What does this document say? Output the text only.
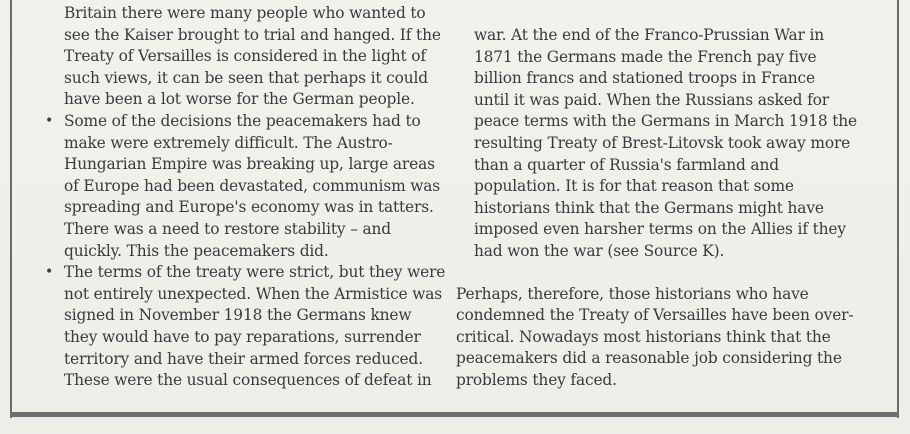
Britain there were many people who wanted to
see the Kaiser brought to trial and hanged. If the
Treaty of Versailles is considered in the light of
such views, it can be seen that perhaps it could
have been a lot worse for the German people.

• Some of the decisions the peacemakers had to
make were extremely difficult. The Austro-
Hungarian Empire was breaking up, large areas
of Europe had been devastated, communism was
spreading and Europe's economy was in tatters.
There was a need to restore stability – and
quickly. This the peacemakers did.
• The terms of the treaty were strict, but they were
not entirely unexpected. When the Armistice was
signed in November 1918 the Germans knew
they would have to pay reparations, surrender
territory and have their armed forces reduced.
These were the usual consequences of defeat in

war. At the end of the Franco-Prussian War in
1871 the Germans made the French pay five
billion francs and stationed troops in France
until it was paid. When the Russians asked for
peace terms with the Germans in March 1918 the
resulting Treaty of Brest-Litovsk took away more
than a quarter of Russia's farmland and
population. It is for that reason that some
historians think that the Germans might have
imposed even harsher terms on the Allies if they
had won the war (see Source K).

Perhaps, therefore, those historians who have
condemned the Treaty of Versailles have been over-
critical. Nowadays most historians think that the
peacemakers did a reasonable job considering the
problems they faced.
